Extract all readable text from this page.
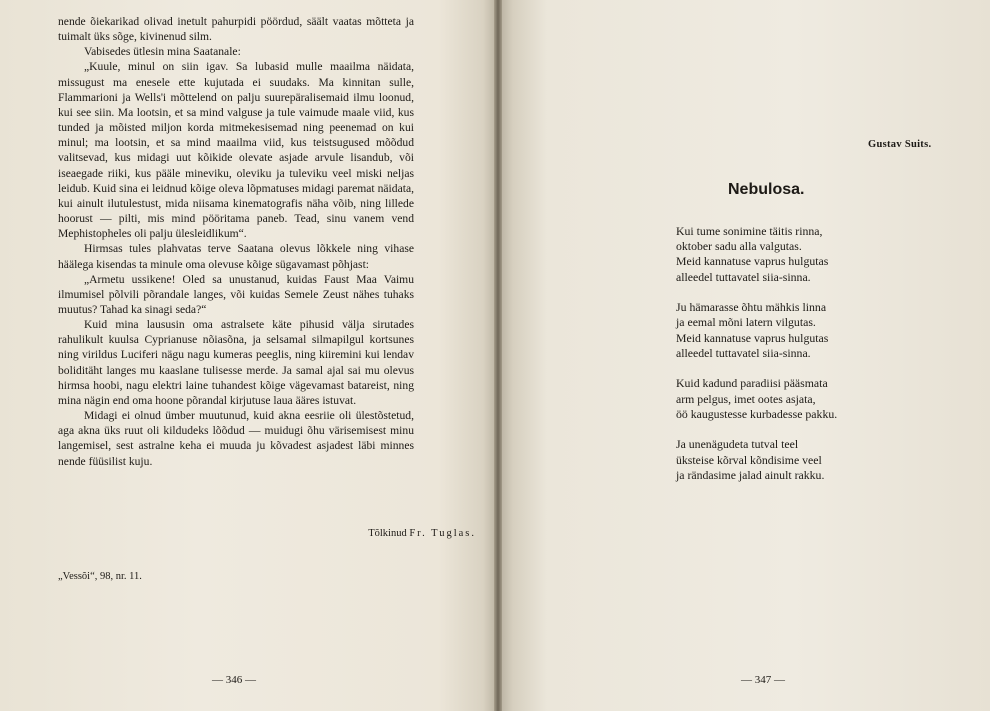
nende õiekarikad olivad inetult pahurpidi pöördud, säält vaatas mõtteta ja tuimalt üks sõge, kivinenud silm.

Vabisedes ütlesin mina Saatanale:

„Kuule, minul on siin igav. Sa lubasid mulle maailma näidata, missugust ma enesele ette kujutada ei suudaks. Ma kinnitan sulle, Flammarioni ja Wells'i mõttelend on palju suurepäralisemaid ilmu loonud, kui see siin. Ma lootsin, et sa mind valguse ja tule vaimude maale viid, kus tunded ja mõisted miljon korda mitmekesisemad ning peenemad on kui minul; ma lootsin, et sa mind maailma viid, kus teistsugused mõõdud valitsevad, kus midagi uut kõikide olevate asjade arvule lisandub, või iseaegade riiki, kus pääle mineviku, oleviku ja tuleviku veel miski neljas leidub. Kuid sina ei leidnud kõige oleva lõpmatuses midagi paremat näidata, kui ainult ilutulestust, mida niisama kinematografis näha võib, ning lillede hoorust — pilti, mis mind pööritama paneb. Tead, sinu vanem vend Mephistopheles oli palju ülesleidlikum“.

Hirmsas tules plahvatas terve Saatana olevus lõkkele ning vihase häälega kisendas ta minule oma olevuse kõige sügavamast põhjast:

„Armetu ussikene! Oled sa unustanud, kuidas Faust Maa Vaimu ilmumisel põlvili põrandale langes, või kuidas Semele Zeust nähes tuhaks muutus? Tahad ka sinagi seda?“

Kuid mina laususin oma astralsete käte pihusid välja sirutades rahulikult kuulsa Cyprianuse nõiasõna, ja selsamal silmapilgul kortsunes ning virildus Luciferi nägu nagu kumeras peeglis, ning kiiremini kui lendav boliditäht langes mu kaaslane tulisesse merde. Ja samal ajal sai mu olevus hirmsa hoobi, nagu elektri laine tuhandest kõige vägevamast batareist, ning mina nägin end oma hoone põrandal kirjutuse laua ääres istuvat.

Midagi ei olnud ümber muutunud, kuid akna eesriie oli ülestõstetud, aga akna üks ruut oli kildudeks lõõdud — muidugi õhu värisemisest minu langemisel, sest astralne keha ei muuda ju kõvadest asjadest läbi minnes nende füüsilist kuju.

Tõlkinud Fr. Tuglas.
„Vessõi“, 98, nr. 11.
— 346 —
Gustav Suits.
Nebulosa.
Kui tume sonimine täitis rinna,
oktober sadu alla valgutas.
Meid kannatuse vaprus hulgutas
alleedel tuttavatel siia-sinna.
Ju hämarasse õhtu mähkis linna
ja eemal mõni latern vilgutas.
Meid kannatuse vaprus hulgutas
alleedel tuttavatel siia-sinna.
Kuid kadund paradiisi pääsmata
arm pelgus, imet ootes asjata,
öö kaugustesse kurbadesse pakku.
Ja unenägudeta tutval teel
üksteise kõrval kõndisime veel
ja rändasime jalad ainult rakku.
— 347 —
